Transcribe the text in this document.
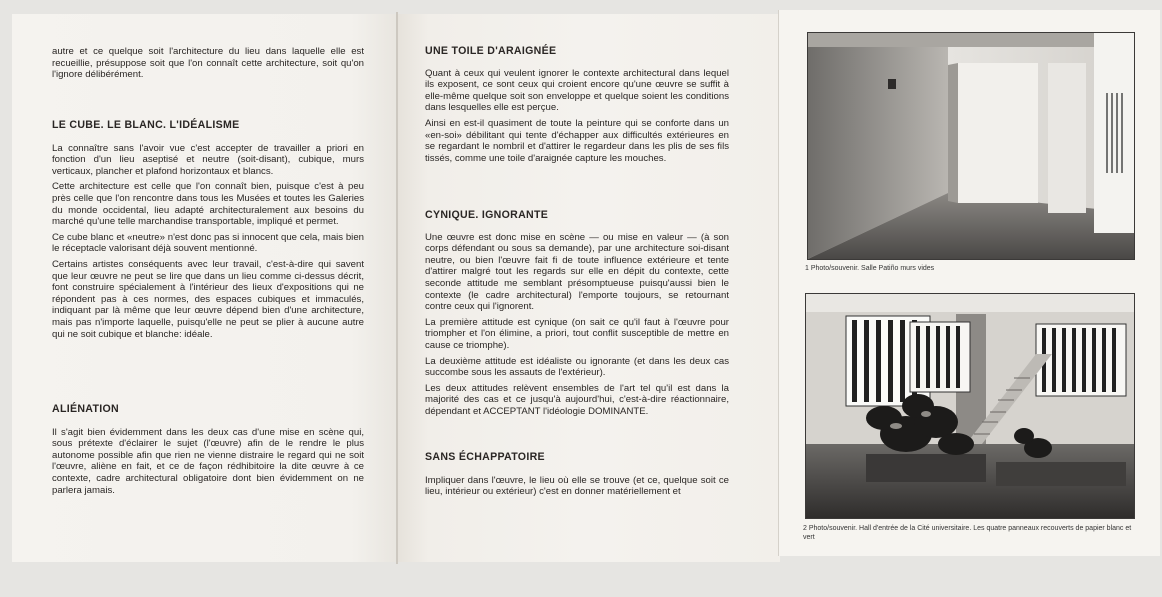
autre et ce quelque soit l'architecture du lieu dans laquelle elle est recueillie, présuppose soit que l'on connaît cette architecture, soit qu'on l'ignore délibérément.

LE CUBE. LE BLANC. L'IDÉALISME

La connaître sans l'avoir vue c'est accepter de travailler a priori en fonction d'un lieu aseptisé et neutre (soit-disant), cubique, murs verticaux, plancher et plafond horizontaux et blancs.

Cette architecture est celle que l'on connaît bien, puisque c'est à peu près celle que l'on rencontre dans tous les Musées et toutes les Galeries du monde occidental, lieu adapté architecturalement aux besoins du marché qu'une telle marchandise transportable, impliqué et permet.

Ce cube blanc et «neutre» n'est donc pas si innocent que cela, mais bien le réceptacle valorisant déjà souvent mentionné.

Certains artistes conséquents avec leur travail, c'est-à-dire qui savent que leur œuvre ne peut se lire que dans un lieu comme ci-dessus décrit, font construire spécialement à l'intérieur des lieux d'expositions qui ne répondent pas à ces normes, des espaces cubiques et immaculés, indiquant par là même que leur œuvre dépend bien d'une architecture, mais pas n'importe laquelle, puisqu'elle ne peut se plier à aucune autre qui ne soit cubique et blanche: idéale.

ALIÉNATION

Il s'agit bien évidemment dans les deux cas d'une mise en scène qui, sous prétexte d'éclairer le sujet (l'œuvre) afin de le rendre le plus autonome possible afin que rien ne vienne distraire le regard qui ne soit l'œuvre, aliène en fait, et ce de façon rédhibitoire la dite œuvre à ce contexte, cadre architectural obligatoire dont bien évidemment on ne parlera jamais.

UNE TOILE D'ARAIGNÉE

Quant à ceux qui veulent ignorer le contexte architectural dans lequel ils exposent, ce sont ceux qui croient encore qu'une œuvre se suffit à elle-même quelque soit son enveloppe et quelque soient les conditions dans lesquelles elle est perçue.

Ainsi en est-il quasiment de toute la peinture qui se conforte dans un «en-soi» débilitant qui tente d'échapper aux difficultés extérieures en se regardant le nombril et d'attirer le regardeur dans les plis de ses fils tissés, comme une toile d'araignée capture les mouches.

CYNIQUE. IGNORANTE

Une œuvre est donc mise en scène — ou mise en valeur — (à son corps défendant ou sous sa demande), par une architecture soi-disant neutre, ou bien l'œuvre fait fi de toute influence extérieure et tente d'attirer malgré tout les regards sur elle en dépit du contexte, cette seconde attitude me semblant présomptueuse puisqu'aussi bien le contexte (le cadre architectural) l'emporte toujours, se retournant contre ceux qui l'ignorent.

La première attitude est cynique (on sait ce qu'il faut à l'œuvre pour triompher et l'on élimine, a priori, tout conflit susceptible de mettre en cause ce triomphe).

La deuxième attitude est idéaliste ou ignorante (et dans les deux cas succombe sous les assauts de l'extérieur).

Les deux attitudes relèvent ensembles de l'art tel qu'il est dans la majorité des cas et ce jusqu'à aujourd'hui, c'est-à-dire réactionnaire, dépendant et ACCEPTANT l'idéologie DOMINANTE.

SANS ÉCHAPPATOIRE

Impliquer dans l'œuvre, le lieu où elle se trouve (et ce, quelque soit ce lieu, intérieur ou extérieur) c'est en donner matériellement et

1 Photo/souvenir. Salle Patiño murs vides
2 Photo/souvenir. Hall d'entrée de la Cité universitaire. Les quatre panneaux recouverts de papier blanc et vert
